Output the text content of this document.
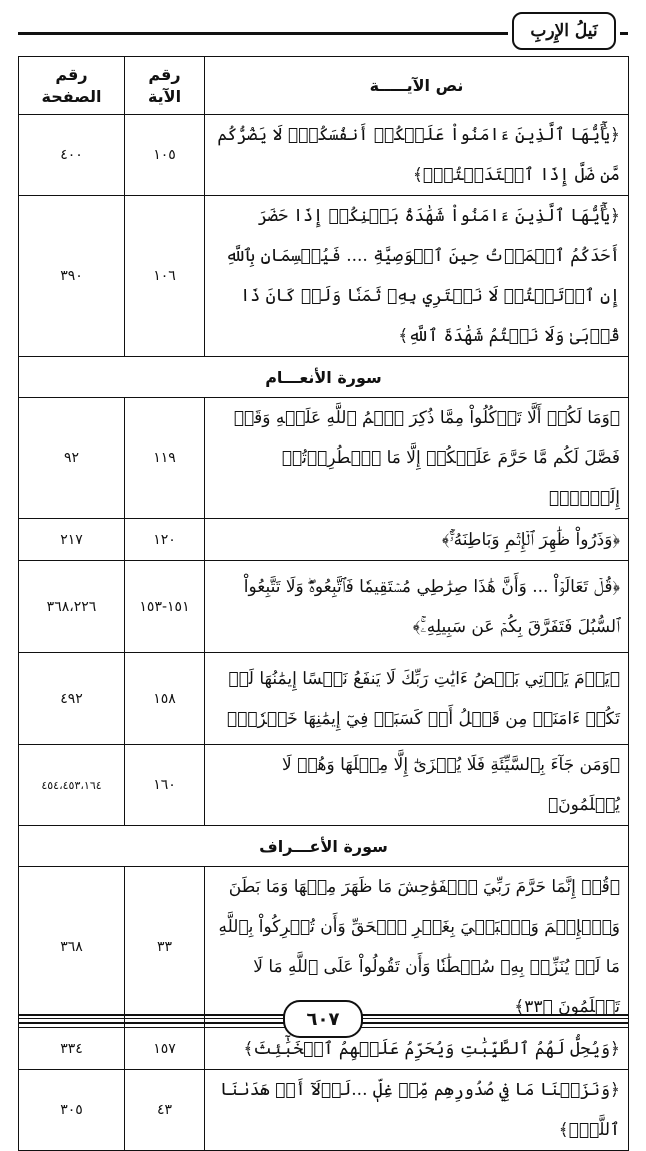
نَيلُ الإِربِ
نص الآيـــــة	رقم الآية	رقم الصفحة
﴿يَٰٓأَيُّهَا ٱلَّذِينَ ءَامَنُواْ عَلَيۡكُمۡ أَنفُسَكُمۡۖ لَا يَضُرُّكُم مَّن ضَلَّ إِذَا ٱهۡتَدَيۡتُمۡۚ﴾	١٠٥	٤٠٠
﴿يَٰٓأَيُّهَا ٱلَّذِينَ ءَامَنُواْ شَهَٰدَةُ بَيۡنِكُمۡ إِذَا حَضَرَ أَحَدَكُمُ ٱلۡمَوۡتُ حِينَ ٱلۡوَصِيَّةِ .... فَيُقۡسِمَانِ بِٱللَّهِ إِنِ ٱرۡتَبۡتُمۡ لَا نَشۡتَرِي بِهِۦ ثَمَنٗا وَلَوۡ كَانَ ذَا قُرۡبَىٰ وَلَا نَكۡتُمُ شَهَٰدَةَ ٱللَّهِ﴾	١٠٦	٣٩٠
سورة الأنعـــام		
﴿وَمَا لَكُمۡ أَلَّا تَأۡكُلُواْ مِمَّا ذُكِرَ ٱسۡمُ ٱللَّهِ عَلَيۡهِ وَقَدۡ فَصَّلَ لَكُم مَّا حَرَّمَ عَلَيۡكُمۡ إِلَّا مَا ٱضۡطُرِرۡتُمۡ إِلَيۡهِۗ﴾	١١٩	٩٢
﴿وَذَرُواْ ظَٰهِرَ ٱلۡإِثۡمِ وَبَاطِنَهُۥٓۚ﴾	١٢٠	٢١٧
﴿قُلۡ تَعَالَوۡاْ ... وَأَنَّ هَٰذَا صِرَٰطِي مُسۡتَقِيمٗا فَٱتَّبِعُوهُۖ وَلَا تَتَّبِعُواْ ٱلسُّبُلَ فَتَفَرَّقَ بِكُمۡ عَن سَبِيلِهِۦۚ﴾	١٥١-١٥٣	٣٦٨،٢٢٦
﴿يَوۡمَ يَأۡتِي بَعۡضُ ءَايَٰتِ رَبِّكَ لَا يَنفَعُ نَفۡسًا إِيمَٰنُهَا لَمۡ تَكُنۡ ءَامَنَتۡ مِن قَبۡلُ أَوۡ كَسَبَتۡ فِيٓ إِيمَٰنِهَا خَيۡرٗاۗ﴾	١٥٨	٤٩٢
﴿وَمَن جَآءَ بِٱلسَّيِّئَةِ فَلَا يُجۡزَىٰٓ إِلَّا مِثۡلَهَا وَهُمۡ لَا يُظۡلَمُونَ﴾	١٦٠	٤٥٤،٤٥٣،١٦٤
سورة الأعـــراف		
﴿قُلۡ إِنَّمَا حَرَّمَ رَبِّيَ ٱلۡفَوَٰحِشَ مَا ظَهَرَ مِنۡهَا وَمَا بَطَنَ وَٱلۡإِثۡمَ وَٱلۡبَغۡيَ بِغَيۡرِ ٱلۡحَقِّ وَأَن تُشۡرِكُواْ بِٱللَّهِ مَا لَمۡ يُنَزِّلۡ بِهِۦ سُلۡطَٰنٗا وَأَن تَقُولُواْ عَلَى ٱللَّهِ مَا لَا تَعۡلَمُونَ ﴿٣٣﴾	٣٣	٣٦٨
﴿وَيُحِلُّ لَهُمُ ٱلطَّيِّبَٰتِ وَيُحَرِّمُ عَلَيۡهِمُ ٱلۡخَبَٰٓئِثَ﴾	١٥٧	٣٣٤
﴿وَنَزَعۡنَا مَا فِي صُدُورِهِم مِّنۡ غِلّٖ ...لَوۡلَآ أَنۡ هَدَىٰنَا ٱللَّهُۖ﴾	٤٣	٣٠٥
٦٠٧
